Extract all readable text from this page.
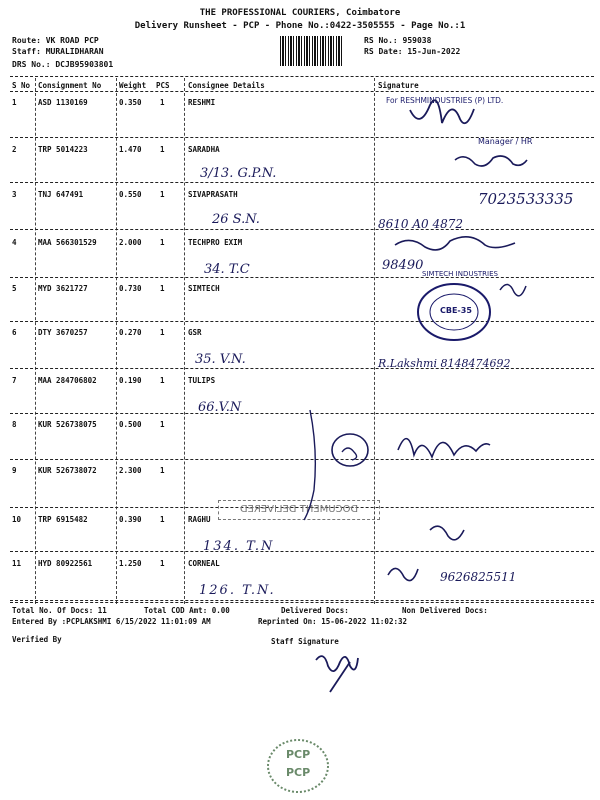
THE PROFESSIONAL COURIERS, Coimbatore
Delivery Runsheet - PCP - Phone No.:0422-3505555 - Page No.:1
Route: VK ROAD PCP
Staff: MURALIDHARAN
DRS No.: DCJB95903801
RS No.: 959038
RS Date: 15-Jun-2022
S No Consignment No Weight PCS Consignee Details	Signature
1	ASD 1130169	0.350 1	RESHMI
2	TRP 5014223	1.470 1	SARADHA
3	TNJ 647491	0.550 1	SIVAPRASATH
4	MAA 566301529	2.000 1	TECHPRO EXIM
5	MYD 3621727	0.730 1	SIMTECH
6	DTY 3670257	0.270 1	GSR
7	MAA 284706802	0.190 1	TULIPS
8	KUR 526738075	0.500 1
9	KUR 526738072	2.300 1
10 TRP 6915482	0.390 1	RAGHU
11 HYD 80922561	1.250 1	CORNEAL
3/13. G.P.N.
26 S.N.
34. T.C
35. V.N.
66.V.N
134. T.N
126. T.N.
For RESHMINDUSTRIES (P) LTD.
Manager / HR
7023533335
8610 A0 4872
98490
R.Lakshmi 8148474692
9626825511
CBE-35
SIMTECH INDUSTRIES
DOCUMENT DELIVERED
Total No. Of Docs: 11	Total COD Amt: 0.00	Delivered Docs:	Non Delivered Docs:
Entered By :PCPLAKSHMI 6/15/2022 11:01:09 AM	Reprinted On: 15-06-2022 11:02:32
Verified By	Staff Signature
PCP
PCP
